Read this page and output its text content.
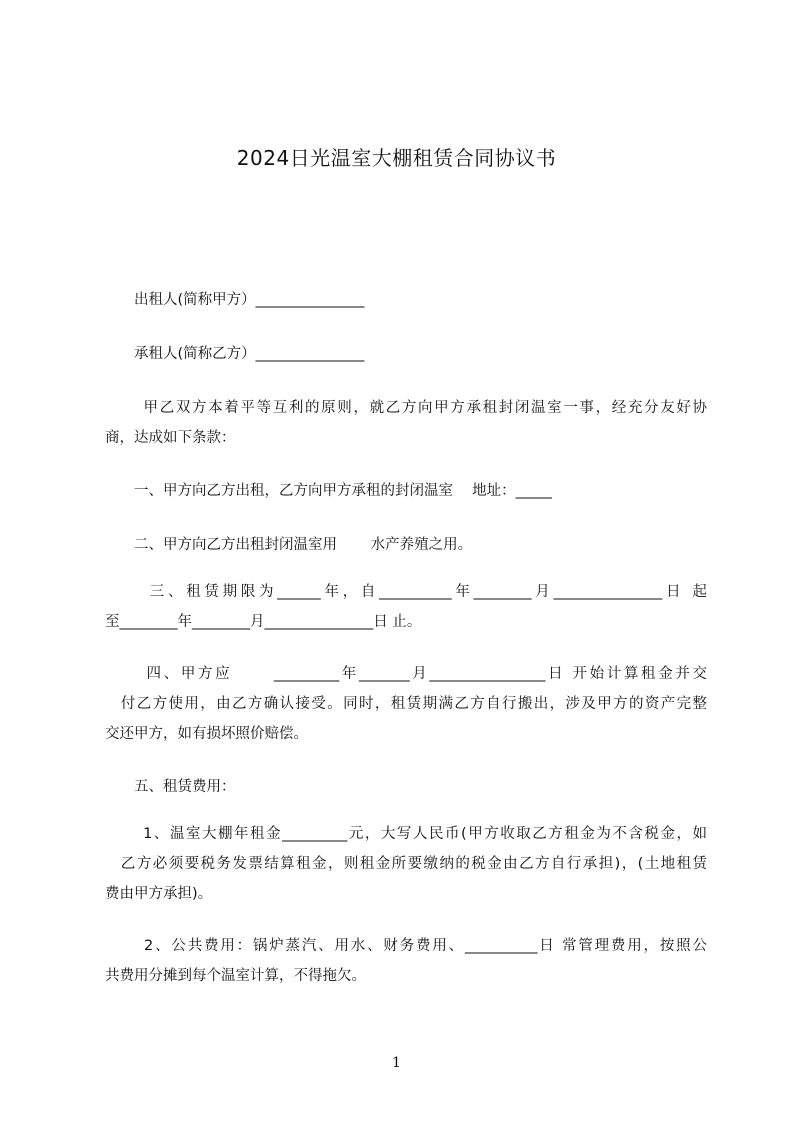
2024日光温室大棚租赁合同协议书
　　出租人(简称甲方）_______________
　　承租人(简称乙方）_______________
　　 甲乙双方本着平等互利的原则，就乙方向甲方承租封闭温室一事，经充分友好协
商，达成如下条款：
　　一、甲方向乙方出租，乙方向甲方承租的封闭温室　 地址：_____
　　二、甲方向乙方出租封闭温室用　　 水产养殖之用。
　　 三、租赁期限为______年，自__________年________月_______________日 起
至________年________月_______________日 止。
　　 四、甲方应　　 _________年_______月________________日 开始计算租金并交
　付乙方使用，由乙方确认接受。同时，租赁期满乙方自行搬出，涉及甲方的资产完整
交还甲方，如有损坏照价赔偿。
　　五、租赁费用：
　　 1、温室大棚年租金_________元，大写人民币(甲方收取乙方租金为不含税金，如
　乙方必须要税务发票结算租金，则租金所要缴纳的税金由乙方自行承担)，(土地租赁
费由甲方承担)。
　　 2、公共费用：锅炉蒸汽、用水、财务费用、__________日 常管理费用，按照公
共费用分摊到每个温室计算，不得拖欠。
1
